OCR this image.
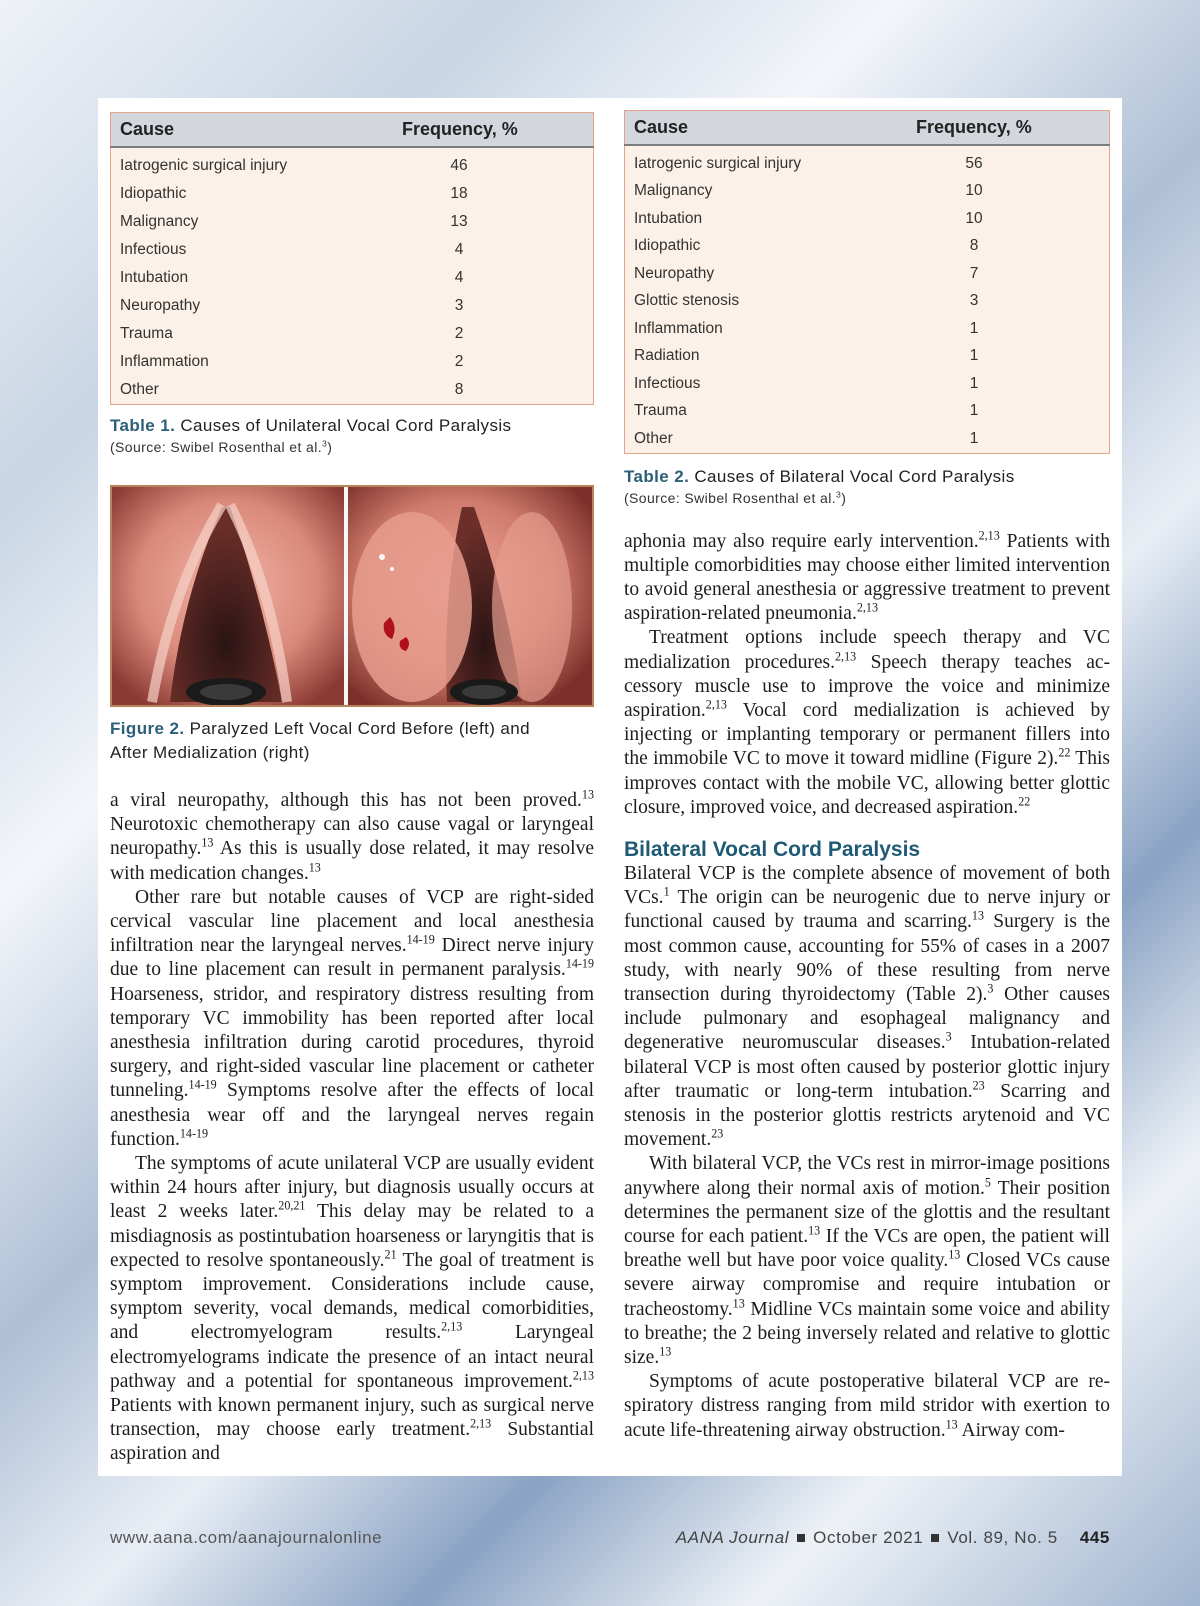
Cause	Frequency, %
Iatrogenic surgical injury	46
Idiopathic	18
Malignancy	13
Infectious	4
Intubation	4
Neuropathy	3
Trauma	2
Inflammation	2
Other	8
Table 1. Causes of Unilateral Vocal Cord Paralysis
(Source: Swibel Rosenthal et al.$^3$)
Figure 2. Paralyzed Left Vocal Cord Before (left) and
After Medialization (right)

a viral neuropathy, although this has not been proved.$^{13}$ Neurotoxic chemotherapy can also cause vagal or laryngeal neuropathy.$^{13}$ As this is usually dose related, it may resolve with medication changes.$^{13}$

Other rare but notable causes of VCP are right-sided cervical vascular line placement and local anesthesia infiltration near the laryngeal nerves.$^{14-19}$ Direct nerve injury due to line placement can result in permanent paralysis.$^{14-19}$ Hoarseness, stridor, and respiratory distress resulting from temporary VC immobility has been reported after local anesthesia infiltration during carotid procedures, thyroid surgery, and right-sided vascular line placement or catheter tunneling.$^{14-19}$ Symptoms resolve after the effects of local anesthesia wear off and the laryngeal nerves regain function.$^{14-19}$

The symptoms of acute unilateral VCP are usually evident within 24 hours after injury, but diagnosis usually occurs at least 2 weeks later.$^{20,21}$ This delay may be related to a misdiagnosis as postintubation hoarseness or laryngitis that is expected to resolve spontaneously.$^{21}$ The goal of treatment is symptom improvement. Considerations include cause, symptom severity, vocal demands, medical comorbidities, and electromyelogram results.$^{2,13}$ Laryngeal electromyelograms indicate the presence of an intact neural pathway and a potential for spontaneous improvement.$^{2,13}$ Patients with known permanent injury, such as surgical nerve transection, may choose early treatment.$^{2,13}$ Substantial aspiration and

Cause	Frequency, %
Iatrogenic surgical injury	56
Malignancy	10
Intubation	10
Idiopathic	8
Neuropathy	7
Glottic stenosis	3
Inflammation	1
Radiation	1
Infectious	1
Trauma	1
Other	1
Table 2. Causes of Bilateral Vocal Cord Paralysis
(Source: Swibel Rosenthal et al.$^3$)

aphonia may also require early intervention.$^{2,13}$ Patients with multiple comorbidities may choose either limited intervention to avoid general anesthesia or aggressive treatment to prevent aspiration-related pneumonia.$^{2,13}$

Treatment options include speech therapy and VC medialization procedures.$^{2,13}$ Speech therapy teaches accessory muscle use to improve the voice and minimize aspiration.$^{2,13}$ Vocal cord medialization is achieved by injecting or implanting temporary or permanent fillers into the immobile VC to move it toward midline (Figure 2).$^{22}$ This improves contact with the mobile VC, allowing better glottic closure, improved voice, and decreased aspiration.$^{22}$

Bilateral Vocal Cord Paralysis

Bilateral VCP is the complete absence of movement of both VCs.$^1$ The origin can be neurogenic due to nerve injury or functional caused by trauma and scarring.$^{13}$ Surgery is the most common cause, accounting for 55% of cases in a 2007 study, with nearly 90% of these resulting from nerve transection during thyroidectomy (Table 2).$^3$ Other causes include pulmonary and esophageal malignancy and degenerative neuromuscular diseases.$^3$ Intubation-related bilateral VCP is most often caused by posterior glottic injury after traumatic or long-term intubation.$^{23}$ Scarring and stenosis in the posterior glottis restricts arytenoid and VC movement.$^{23}$

With bilateral VCP, the VCs rest in mirror-image positions anywhere along their normal axis of motion.$^5$ Their position determines the permanent size of the glottis and the resultant course for each patient.$^{13}$ If the VCs are open, the patient will breathe well but have poor voice quality.$^{13}$ Closed VCs cause severe airway compromise and require intubation or tracheostomy.$^{13}$ Midline VCs maintain some voice and ability to breathe; the 2 being inversely related and relative to glottic size.$^{13}$

Symptoms of acute postoperative bilateral VCP are respiratory distress ranging from mild stridor with exertion to acute life-threatening airway obstruction.$^{13}$ Airway com-

www.aana.com/aanajournalonline	AANA Journal October 2021 Vol. 89, No. 5 445
